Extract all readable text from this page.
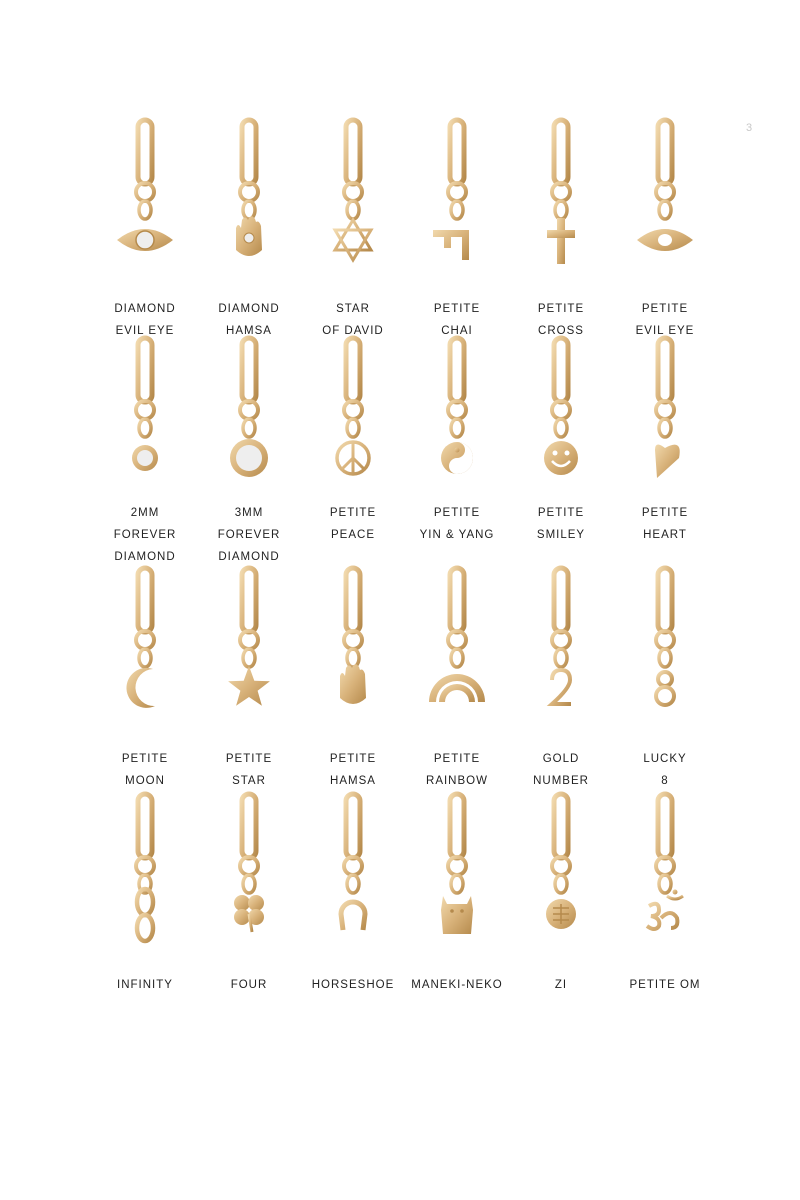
3
DIAMOND
EVIL EYE
DIAMOND
HAMSA
STAR
OF DAVID
PETITE
CHAI
PETITE
CROSS
PETITE
EVIL EYE
2MM
FOREVER
DIAMOND
3MM
FOREVER
DIAMOND
PETITE
PEACE
PETITE
YIN & YANG
PETITE
SMILEY
PETITE
HEART
PETITE
MOON
PETITE
STAR
PETITE
HAMSA
PETITE
RAINBOW
GOLD
NUMBER
LUCKY
8
INFINITY	FOUR	HORSESHOE	MANEKI-NEKO	ZI	PETITE OM
